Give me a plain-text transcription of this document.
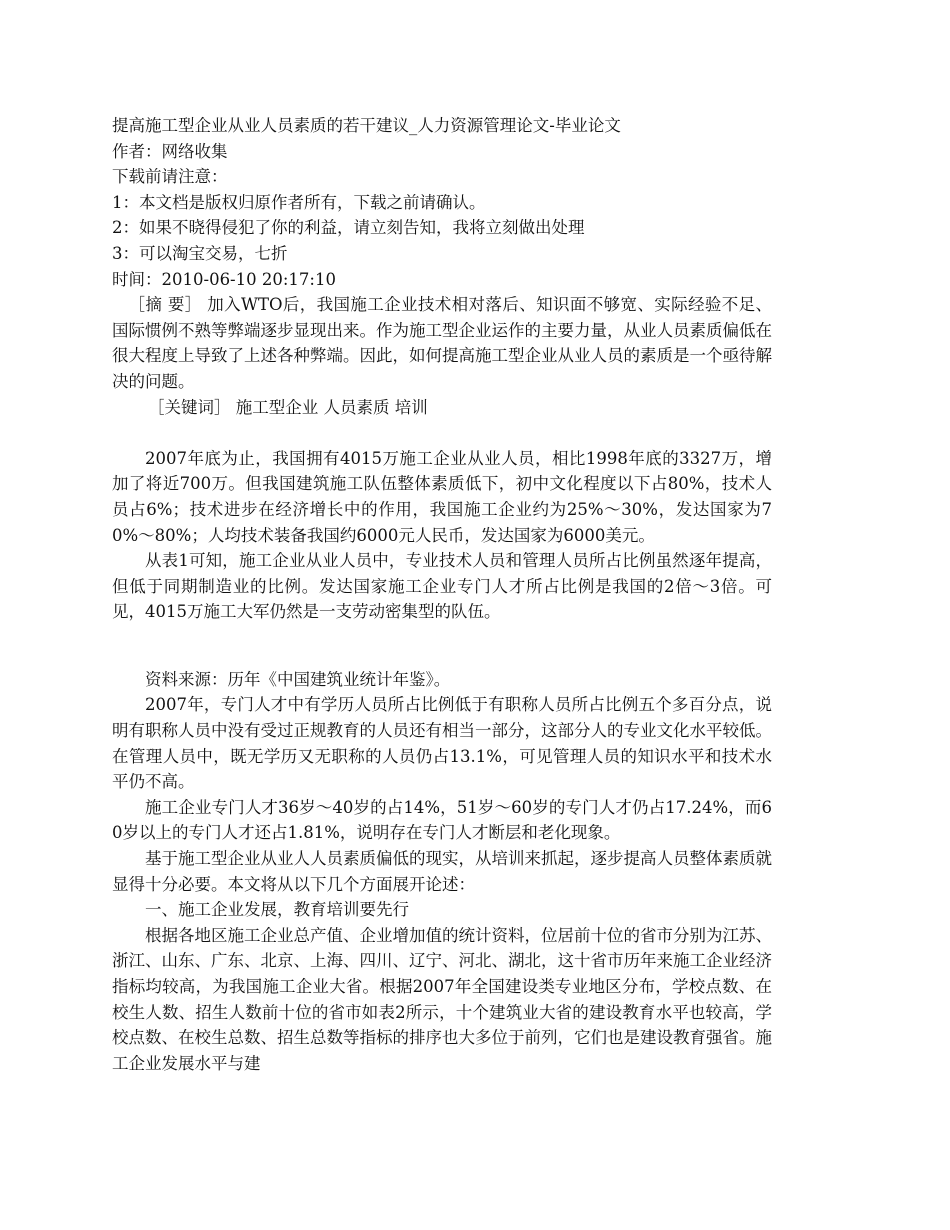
提高施工型企业从业人员素质的若干建议_人力资源管理论文-毕业论文
作者：网络收集
下载前请注意：
1：本文档是版权归原作者所有，下载之前请确认。
2：如果不晓得侵犯了你的利益，请立刻告知，我将立刻做出处理
3：可以淘宝交易，七折
时间：2010-06-10 20:17:10

［摘 要］ 加入WTO后，我国施工企业技术相对落后、知识面不够宽、实际经验不足、国际惯例不熟等弊端逐步显现出来。作为施工型企业运作的主要力量，从业人员素质偏低在很大程度上导致了上述各种弊端。因此，如何提高施工型企业从业人员的素质是一个亟待解决的问题。

［关键词］ 施工型企业 人员素质 培训

2007年底为止，我国拥有4015万施工企业从业人员，相比1998年底的3327万，增加了将近700万。但我国建筑施工队伍整体素质低下，初中文化程度以下占80%，技术人员占6%；技术进步在经济增长中的作用，我国施工企业约为25%～30%，发达国家为70%～80%；人均技术装备我国约6000元人民币，发达国家为6000美元。

从表1可知，施工企业从业人员中，专业技术人员和管理人员所占比例虽然逐年提高，但低于同期制造业的比例。发达国家施工企业专门人才所占比例是我国的2倍～3倍。可见，4015万施工大军仍然是一支劳动密集型的队伍。

资料来源：历年《中国建筑业统计年鉴》。

2007年，专门人才中有学历人员所占比例低于有职称人员所占比例五个多百分点，说明有职称人员中没有受过正规教育的人员还有相当一部分，这部分人的专业文化水平较低。在管理人员中，既无学历又无职称的人员仍占13.1%，可见管理人员的知识水平和技术水平仍不高。

施工企业专门人才36岁～40岁的占14%，51岁～60岁的专门人才仍占17.24%，而60岁以上的专门人才还占1.81%，说明存在专门人才断层和老化现象。

基于施工型企业从业人人员素质偏低的现实，从培训来抓起，逐步提高人员整体素质就显得十分必要。本文将从以下几个方面展开论述：

一、施工企业发展，教育培训要先行

根据各地区施工企业总产值、企业增加值的统计资料，位居前十位的省市分别为江苏、浙江、山东、广东、北京、上海、四川、辽宁、河北、湖北，这十省市历年来施工企业经济指标均较高，为我国施工企业大省。根据2007年全国建设类专业地区分布，学校点数、在校生人数、招生人数前十位的省市如表2所示，十个建筑业大省的建设教育水平也较高，学校点数、在校生总数、招生总数等指标的排序也大多位于前列，它们也是建设教育强省。施工企业发展水平与建
